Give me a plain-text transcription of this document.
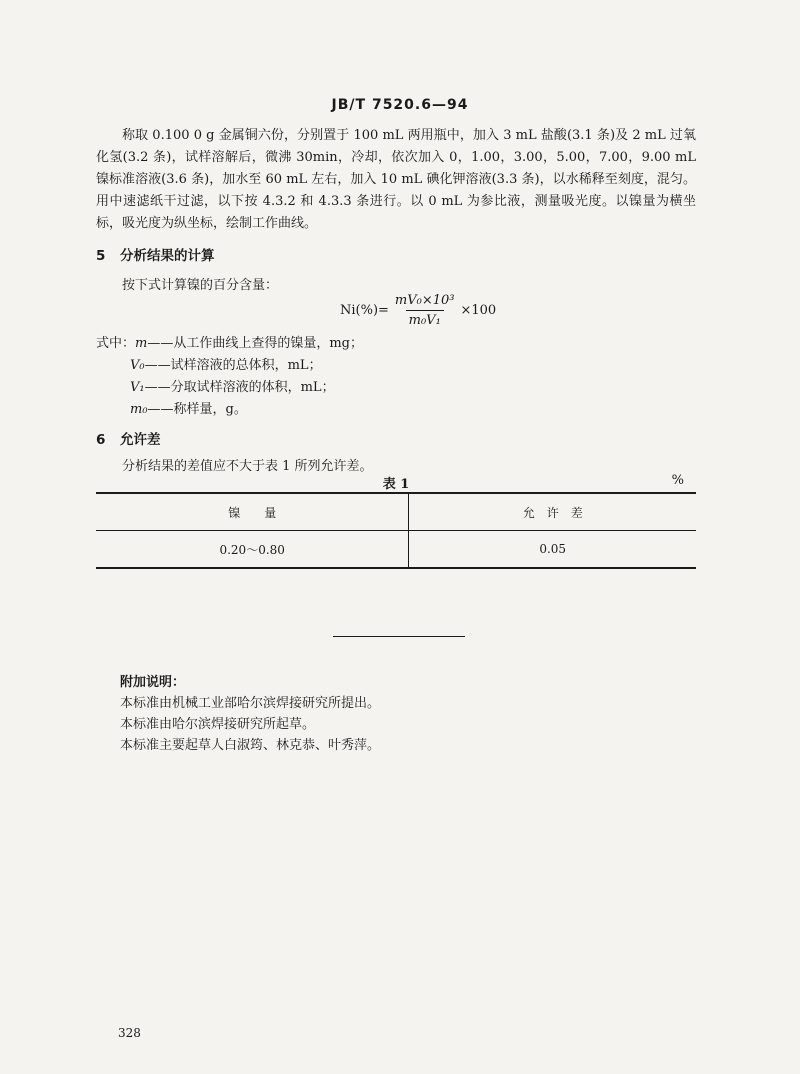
JB/T 7520.6—94
称取 0.100 0 g 金属铜六份，分别置于 100 mL 两用瓶中，加入 3 mL 盐酸(3.1 条)及 2 mL 过氧化氢(3.2 条)，试样溶解后，微沸 30min，冷却，依次加入 0，1.00，3.00，5.00，7.00，9.00 mL 镍标准溶液(3.6 条)，加水至 60 mL 左右，加入 10 mL 碘化钾溶液(3.3 条)，以水稀释至刻度，混匀。用中速滤纸干过滤，以下按 4.3.2 和 4.3.3 条进行。以 0 mL 为参比液，测量吸光度。以镍量为横坐标，吸光度为纵坐标，绘制工作曲线。
5 分析结果的计算
按下式计算镍的百分含量：
$Ni(\%)= \frac{\text{mV₀×10³}}{\text{m₀V₁}} \times 100$
式中：m——从工作曲线上查得的镍量，mg；
V₀——试样溶液的总体积，mL；
V₁——分取试样溶液的体积，mL；
m₀——称样量，g。
6 允许差
分析结果的差值应不大于表 1 所列允许差。
表 1	%
镍　　量	允　许　差
0.20～0.80	0.05
附加说明：
本标准由机械工业部哈尔滨焊接研究所提出。
本标准由哈尔滨焊接研究所起草。
本标准主要起草人白淑筠、林克恭、叶秀萍。
328
